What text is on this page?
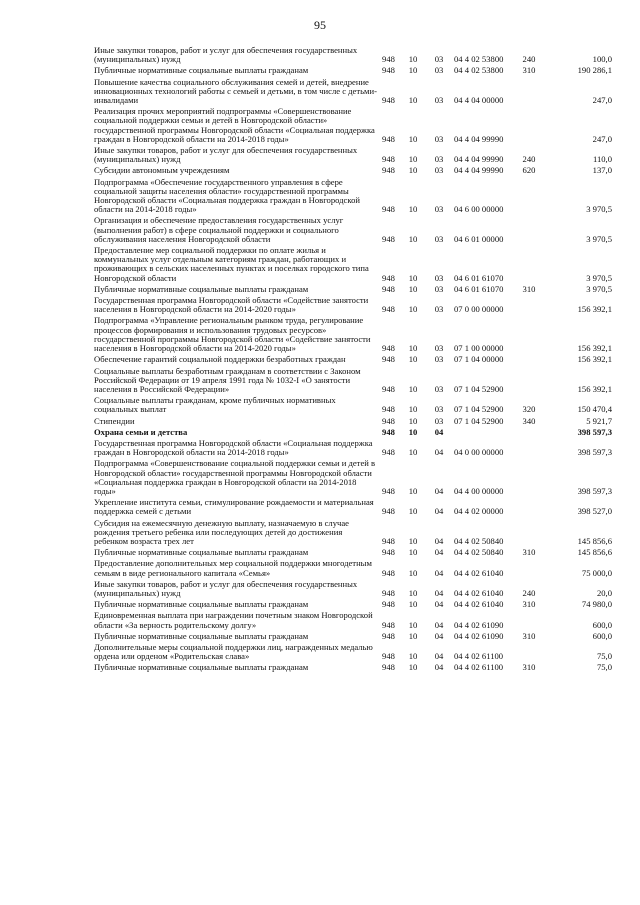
95
Иные закупки товаров, работ и услуг для обеспечения государственных (муниципальных) нужд	948	10	03	04 4 02 53800	240	100,0
Публичные нормативные социальные выплаты гражданам	948	10	03	04 4 02 53800	310	190 286,1
Повышение качества социального обслуживания семей и детей, внедрение инновационных технологий работы с семьей и детьми, в том числе с детьми-инвалидами	948	10	03	04 4 04 00000		247,0
Реализация прочих мероприятий подпрограммы «Совершенствование социальной поддержки семьи и детей в Новгородской области» государственной программы Новгородской области «Социальная поддержка граждан в Новгородской области на 2014-2018 годы»	948	10	03	04 4 04 99990		247,0
Иные закупки товаров, работ и услуг для обеспечения государственных (муниципальных) нужд	948	10	03	04 4 04 99990	240	110,0
Субсидии автономным учреждениям	948	10	03	04 4 04 99990	620	137,0
Подпрограмма «Обеспечение государственного управления в сфере социальной защиты населения области» государственной программы Новгородской области «Социальная поддержка граждан в Новгородской области на 2014-2018 годы»	948	10	03	04 6 00 00000		3 970,5
Организация и обеспечение предоставления государственных услуг (выполнения работ) в сфере социальной поддержки и социального обслуживания населения Новгородской области	948	10	03	04 6 01 00000		3 970,5
Предоставление мер социальной поддержки по оплате жилья и коммунальных услуг отдельным категориям граждан, работающих и проживающих в сельских населенных пунктах и поселках городского типа Новгородской области	948	10	03	04 6 01 61070		3 970,5
Публичные нормативные социальные выплаты гражданам	948	10	03	04 6 01 61070	310	3 970,5
Государственная программа Новгородской области «Содействие занятости населения в Новгородской области на 2014-2020 годы»	948	10	03	07 0 00 00000		156 392,1
Подпрограмма «Управление региональным рынком труда, регулирование процессов формирования и использования трудовых ресурсов» государственной программы Новгородской области «Содействие занятости населения в Новгородской области на 2014-2020 годы»	948	10	03	07 1 00 00000		156 392,1
Обеспечение гарантий социальной поддержки безработных граждан	948	10	03	07 1 04 00000		156 392,1
Социальные выплаты безработным гражданам в соответствии с Законом Российской Федерации от 19 апреля 1991 года № 1032-I «О занятости населения в Российской Федерации»	948	10	03	07 1 04 52900		156 392,1
Социальные выплаты гражданам, кроме публичных нормативных социальных выплат	948	10	03	07 1 04 52900	320	150 470,4
Стипендии	948	10	03	07 1 04 52900	340	5 921,7
Охрана семьи и детства	948	10	04			398 597,3
Государственная программа Новгородской области «Социальная поддержка граждан в Новгородской области на 2014-2018 годы»	948	10	04	04 0 00 00000		398 597,3
Подпрограмма «Совершенствование социальной поддержки семьи и детей в Новгородской области» государственной программы Новгородской области «Социальная поддержка граждан в Новгородской области на 2014-2018 годы»	948	10	04	04 4 00 00000		398 597,3
Укрепление института семьи, стимулирование рождаемости и материальная поддержка семей с детьми	948	10	04	04 4 02 00000		398 527,0
Субсидия на ежемесячную денежную выплату, назначаемую в случае рождения третьего ребенка или последующих детей до достижения ребенком возраста трех лет	948	10	04	04 4 02 50840		145 856,6
Публичные нормативные социальные выплаты гражданам	948	10	04	04 4 02 50840	310	145 856,6
Предоставление дополнительных мер социальной поддержки многодетным семьям в виде регионального капитала «Семья»	948	10	04	04 4 02 61040		75 000,0
Иные закупки товаров, работ и услуг для обеспечения государственных (муниципальных) нужд	948	10	04	04 4 02 61040	240	20,0
Публичные нормативные социальные выплаты гражданам	948	10	04	04 4 02 61040	310	74 980,0
Единовременная выплата при награждении почетным знаком Новгородской области «За верность родительскому долгу»	948	10	04	04 4 02 61090		600,0
Публичные нормативные социальные выплаты гражданам	948	10	04	04 4 02 61090	310	600,0
Дополнительные меры социальной поддержки лиц, награжденных медалью ордена или орденом «Родительская слава»	948	10	04	04 4 02 61100		75,0
Публичные нормативные социальные выплаты гражданам	948	10	04	04 4 02 61100	310	75,0
